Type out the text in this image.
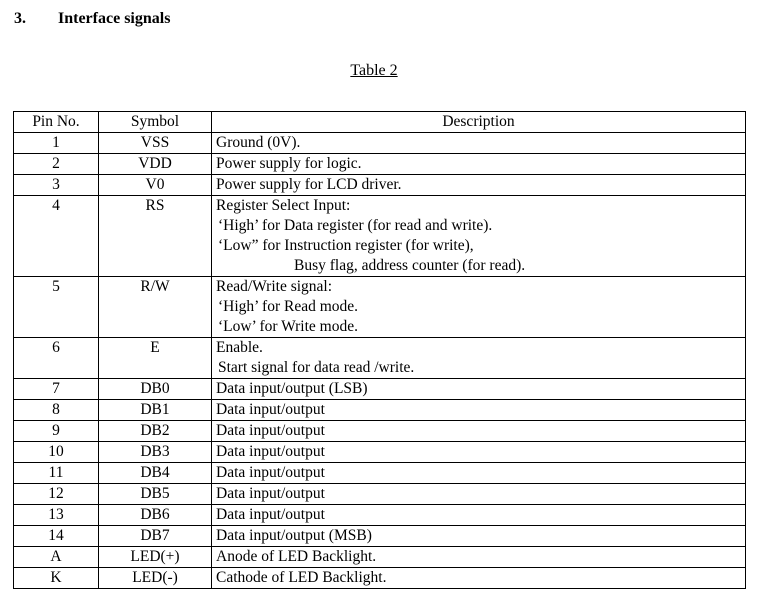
3. Interface signals
Table 2
Pin No.	Symbol	Description
1	VSS	Ground (0V).

2	VDD	Power supply for logic.

3	V0	Power supply for LCD driver.

4	RS	Register Select Input:
‘High’ for Data register (for read and write).
‘Low” for Instruction register (for write),
Busy flag, address counter (for read).

5	R/W	Read/Write signal:
‘High’ for Read mode.
‘Low’ for Write mode.

6	E	Enable.
Start signal for data read /write.

7	DB0	Data input/output (LSB)

8	DB1	Data input/output

9	DB2	Data input/output

10	DB3	Data input/output

11	DB4	Data input/output

12	DB5	Data input/output

13	DB6	Data input/output

14	DB7	Data input/output (MSB)

A	LED(+)	Anode of LED Backlight.

K	LED(-)	Cathode of LED Backlight.
